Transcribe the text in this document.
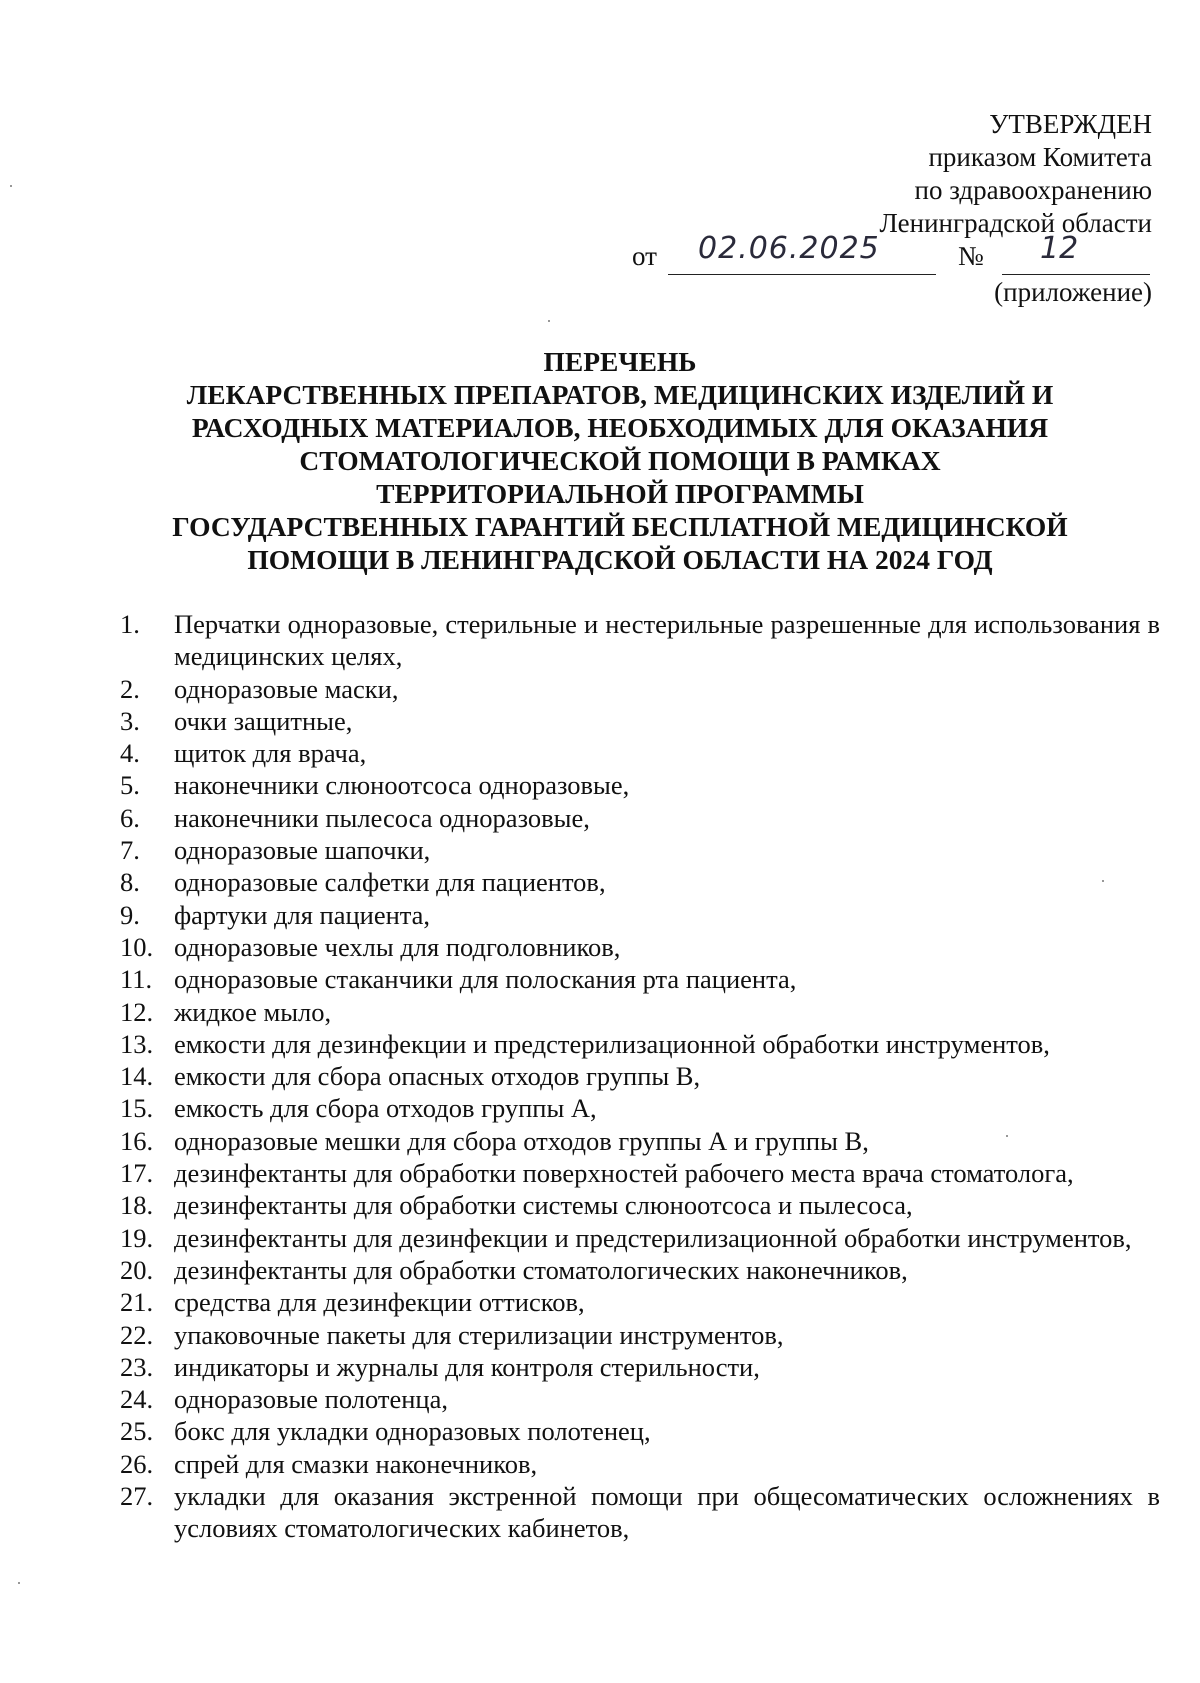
УТВЕРЖДЕН
приказом Комитета
по здравоохранению
Ленинградской области
от 02.06.2025	№ 12
(приложение)
ПЕРЕЧЕНЬ
ЛЕКАРСТВЕННЫХ ПРЕПАРАТОВ, МЕДИЦИНСКИХ ИЗДЕЛИЙ И
РАСХОДНЫХ МАТЕРИАЛОВ, НЕОБХОДИМЫХ ДЛЯ ОКАЗАНИЯ
СТОМАТОЛОГИЧЕСКОЙ ПОМОЩИ В РАМКАХ
ТЕРРИТОРИАЛЬНОЙ ПРОГРАММЫ
ГОСУДАРСТВЕННЫХ ГАРАНТИЙ БЕСПЛАТНОЙ МЕДИЦИНСКОЙ
ПОМОЩИ В ЛЕНИНГРАДСКОЙ ОБЛАСТИ НА 2024 ГОД
1.	Перчатки одноразовые, стерильные и нестерильные разрешенные для использования в медицинских целях,
2.	одноразовые маски,
3.	очки защитные,
4.	щиток для врача,
5.	наконечники слюноотсоса одноразовые,
6.	наконечники пылесоса одноразовые,
7.	одноразовые шапочки,
8.	одноразовые салфетки для пациентов,
9.	фартуки для пациента,
10. одноразовые чехлы для подголовников,
11. одноразовые стаканчики для полоскания рта пациента,
12. жидкое мыло,
13. емкости для дезинфекции и предстерилизационной обработки инструментов,
14. емкости для сбора опасных отходов группы В,
15. емкость для сбора отходов группы А,
16. одноразовые мешки для сбора отходов группы А и группы В,
17. дезинфектанты для обработки поверхностей рабочего места врача стоматолога,
18. дезинфектанты для обработки системы слюноотсоса и пылесоса,
19. дезинфектанты для дезинфекции и предстерилизационной обработки инструментов,
20. дезинфектанты для обработки стоматологических наконечников,
21. средства для дезинфекции оттисков,
22. упаковочные пакеты для стерилизации инструментов,
23. индикаторы и журналы для контроля стерильности,
24. одноразовые полотенца,
25. бокс для укладки одноразовых полотенец,
26. спрей для смазки наконечников,
27. укладки для оказания экстренной помощи при общесоматических осложнениях в условиях стоматологических кабинетов,
